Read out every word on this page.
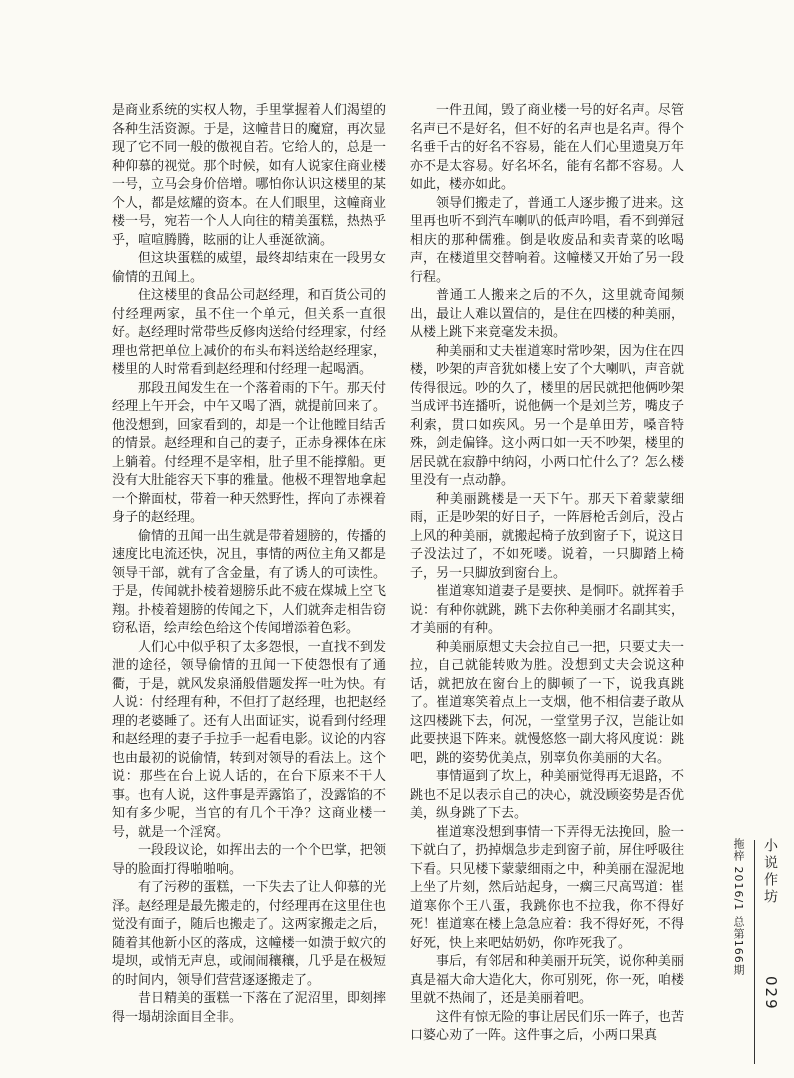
是商业系统的实权人物，手里掌握着人们渴望的各种生活资源。于是，这幢昔日的魔窟，再次显现了它不同一般的傲视自若。它给人的，总是一种仰慕的视觉。那个时候，如有人说家住商业楼一号，立马会身价倍增。哪怕你认识这楼里的某个人，都是炫耀的资本。在人们眼里，这幢商业楼一号，宛若一个人人向往的精美蛋糕，热热乎乎，喧喧腾腾，眩丽的让人垂涎欲滴。

但这块蛋糕的威望，最终却结束在一段男女偷情的丑闻上。

住这楼里的食品公司赵经理，和百货公司的付经理两家，虽不住一个单元，但关系一直很好。赵经理时常带些反修肉送给付经理家，付经理也常把单位上减价的布头布料送给赵经理家，楼里的人时常看到赵经理和付经理一起喝酒。

那段丑闻发生在一个落着雨的下午。那天付经理上午开会，中午又喝了酒，就提前回来了。他没想到，回家看到的，却是一个让他瞠目结舌的情景。赵经理和自己的妻子，正赤身裸体在床上躺着。付经理不是宰相，肚子里不能撑船。更没有大肚能容天下事的雅量。他极不理智地拿起一个擀面杖，带着一种天然野性，挥向了赤裸着身子的赵经理。

偷情的丑闻一出生就是带着翅膀的，传播的速度比电流还快，况且，事情的两位主角又都是领导干部，就有了含金量，有了诱人的可读性。于是，传闻就扑棱着翅膀乐此不疲在煤城上空飞翔。扑棱着翅膀的传闻之下，人们就奔走相告窃窃私语，绘声绘色给这个传闻增添着色彩。

人们心中似乎积了太多怨恨，一直找不到发泄的途径，领导偷情的丑闻一下使怨恨有了通衢，于是，就风发泉涌般借题发挥一吐为快。有人说：付经理有种，不但打了赵经理，也把赵经理的老婆睡了。还有人出面证实，说看到付经理和赵经理的妻子手拉手一起看电影。议论的内容也由最初的说偷情，转到对领导的看法上。这个说：那些在台上说人话的，在台下原来不干人事。也有人说，这件事是弄露馅了，没露馅的不知有多少呢，当官的有几个干净？这商业楼一号，就是一个淫窝。

一段段议论，如挥出去的一个个巴掌，把领导的脸面打得啪啪响。

有了污秽的蛋糕，一下失去了让人仰慕的光泽。赵经理是最先搬走的，付经理再在这里住也觉没有面子，随后也搬走了。这两家搬走之后，随着其他新小区的落成，这幢楼一如溃于蚁穴的堤坝，或悄无声息，或闹闹穰穰，几乎是在极短的时间内，领导们营营逐逐搬走了。

昔日精美的蛋糕一下落在了泥沼里，即刻摔得一塌胡涂面目全非。

一件丑闻，毁了商业楼一号的好名声。尽管名声已不是好名，但不好的名声也是名声。得个名垂千古的好名不容易，能在人们心里遗臭万年亦不是太容易。好名坏名，能有名都不容易。人如此，楼亦如此。

领导们搬走了，普通工人逐步搬了进来。这里再也听不到汽车喇叭的低声吟唱，看不到弹冠相庆的那种儒雅。倒是收废品和卖青菜的吆喝声，在楼道里交替响着。这幢楼又开始了另一段行程。

普通工人搬来之后的不久，这里就奇闻频出，最让人难以置信的，是住在四楼的种美丽，从楼上跳下来竟毫发未损。

种美丽和丈夫崔道寒时常吵架，因为住在四楼，吵架的声音犹如楼上安了个大喇叭，声音就传得很远。吵的久了，楼里的居民就把他俩吵架当成评书连播听，说他俩一个是刘兰芳，嘴皮子利索，贯口如疾风。另一个是单田芳，嗓音特殊，剑走偏锋。这小两口如一天不吵架，楼里的居民就在寂静中纳闷，小两口忙什么了？怎么楼里没有一点动静。

种美丽跳楼是一天下午。那天下着蒙蒙细雨，正是吵架的好日子，一阵唇枪舌剑后，没占上风的种美丽，就搬起椅子放到窗子下，说这日子没法过了，不如死喽。说着，一只脚踏上椅子，另一只脚放到窗台上。

崔道寒知道妻子是要挟、是恫吓。就挥着手说：有种你就跳，跳下去你种美丽才名副其实，才美丽的有种。

种美丽原想丈夫会拉自己一把，只要丈夫一拉，自己就能转败为胜。没想到丈夫会说这种话，就把放在窗台上的脚顿了一下，说我真跳了。崔道寒笑着点上一支烟，他不相信妻子敢从这四楼跳下去，何况，一堂堂男子汉，岂能让如此要挟退下阵来。就慢悠悠一副大将风度说：跳吧，跳的姿势优美点，别辜负你美丽的大名。

事情逼到了坎上，种美丽觉得再无退路，不跳也不足以表示自己的决心，就没顾姿势是否优美，纵身跳了下去。

崔道寒没想到事情一下弄得无法挽回，脸一下就白了，扔掉烟急步走到窗子前，屏住呼吸往下看。只见楼下蒙蒙细雨之中，种美丽在湿泥地上坐了片刻，然后站起身，一瘸三尺高骂道：崔道寒你个王八蛋，我跳你也不拉我，你不得好死！崔道寒在楼上急急应着：我不得好死，不得好死，快上来吧姑奶奶，你咋死我了。

事后，有邻居和种美丽开玩笑，说你种美丽真是福大命大造化大，你可别死，你一死，咱楼里就不热闹了，还是美丽着吧。

这件有惊无险的事让居民们乐一阵子，也苦口婆心劝了一阵。这件事之后，小两口果真

拖梓 2016/1 总第166期 小说作坊
029
